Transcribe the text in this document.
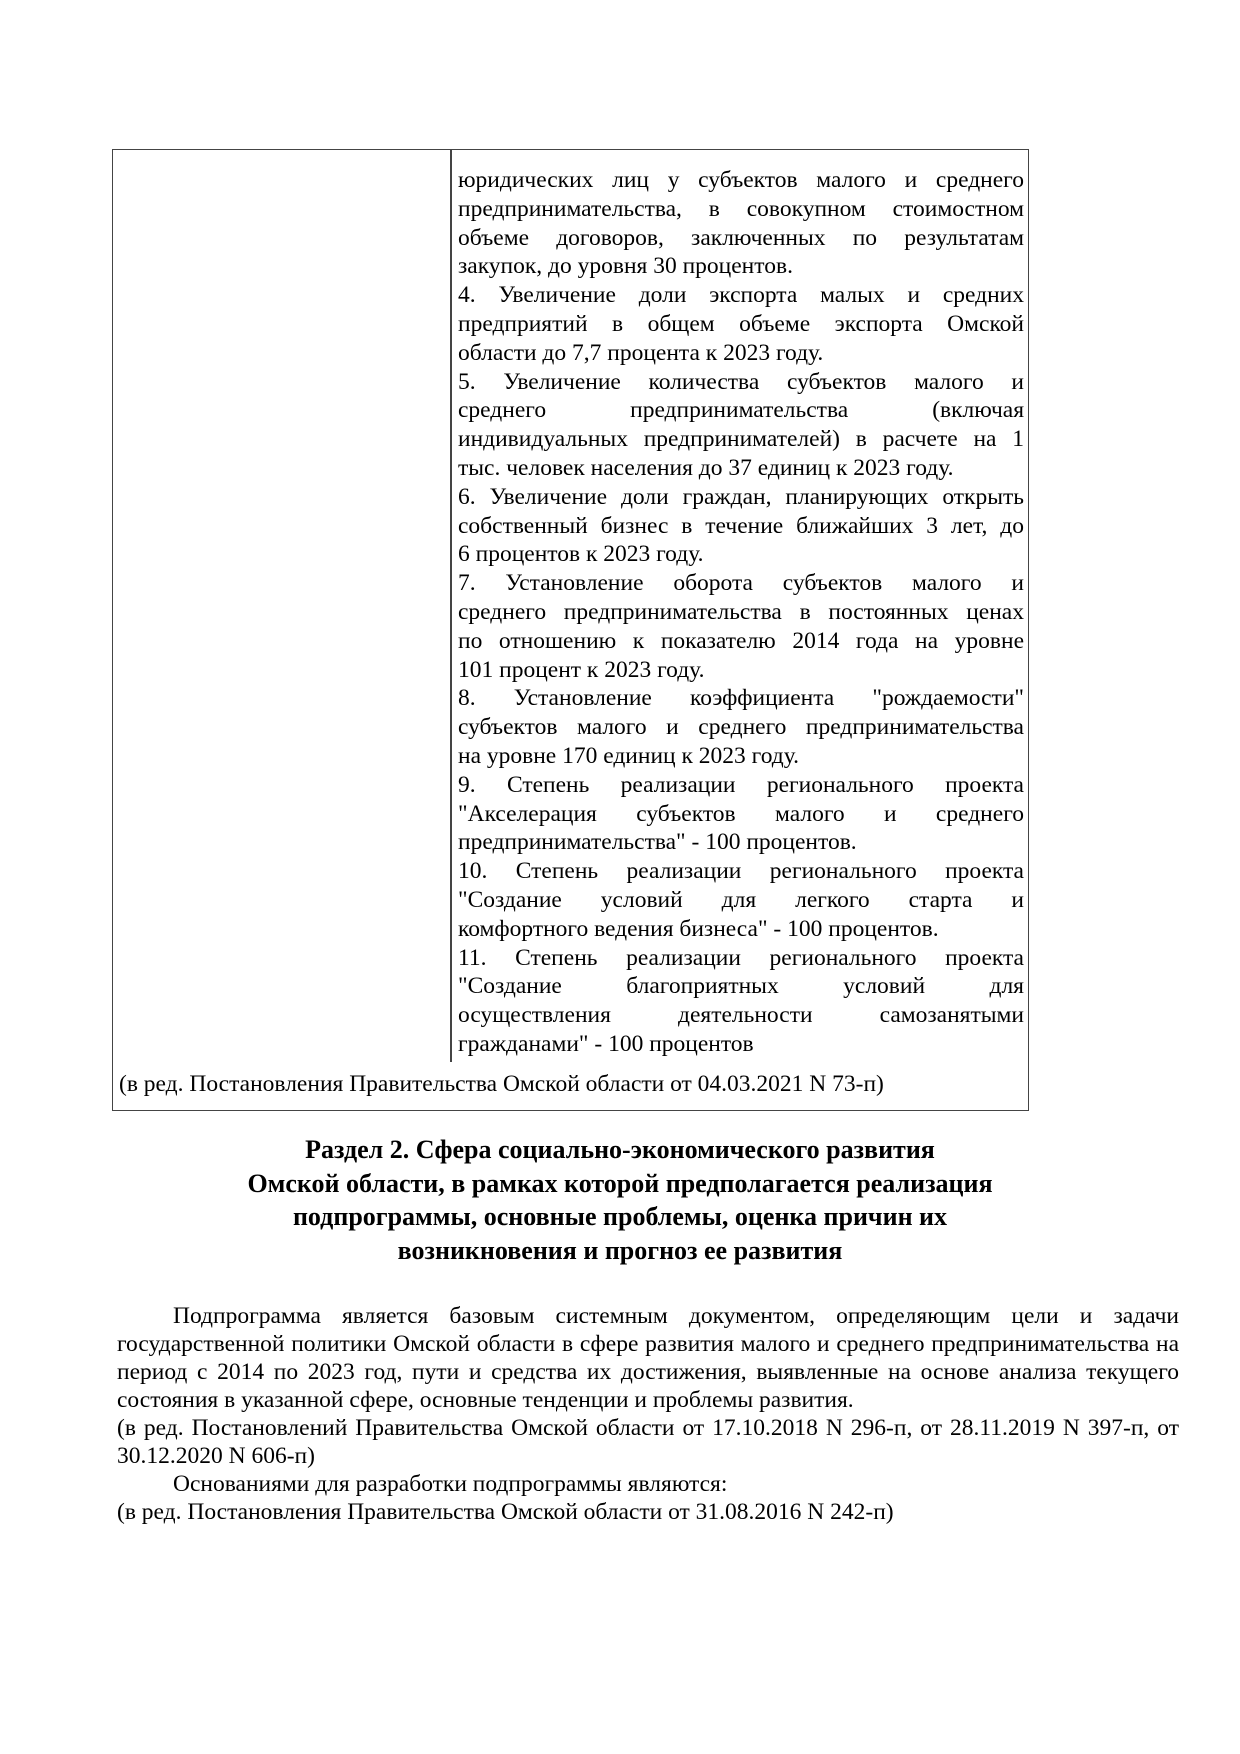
юридических лиц у субъектов малого и среднего

предпринимательства, в совокупном стоимостном

объеме договоров, заключенных по результатам

закупок, до уровня 30 процентов.

4. Увеличение доли экспорта малых и средних

предприятий в общем объеме экспорта Омской

области до 7,7 процента к 2023 году.

5. Увеличение количества субъектов малого и

среднего предпринимательства (включая

индивидуальных предпринимателей) в расчете на 1

тыс. человек населения до 37 единиц к 2023 году.

6. Увеличение доли граждан, планирующих открыть

собственный бизнес в течение ближайших 3 лет, до

6 процентов к 2023 году.

7. Установление оборота субъектов малого и

среднего предпринимательства в постоянных ценах

по отношению к показателю 2014 года на уровне

101 процент к 2023 году.

8. Установление коэффициента "рождаемости"

субъектов малого и среднего предпринимательства

на уровне 170 единиц к 2023 году.

9. Степень реализации регионального проекта

"Акселерация субъектов малого и среднего

предпринимательства" - 100 процентов.

10. Степень реализации регионального проекта

"Создание условий для легкого старта и

комфортного ведения бизнеса" - 100 процентов.

11. Степень реализации регионального проекта

"Создание благоприятных условий для

осуществления деятельности самозанятыми

гражданами" - 100 процентов

(в ред. Постановления Правительства Омской области от 04.03.2021 N 73-п)
Раздел 2. Сфера социально-экономического развития
Омской области, в рамках которой предполагается реализация
подпрограммы, основные проблемы, оценка причин их
возникновения и прогноз ее развития

Подпрограмма является базовым системным документом, определяющим цели и задачи государственной политики Омской области в сфере развития малого и среднего предпринимательства на период с 2014 по 2023 год, пути и средства их достижения, выявленные на основе анализа текущего состояния в указанной сфере, основные тенденции и проблемы развития.

(в ред. Постановлений Правительства Омской области от 17.10.2018 N 296-п, от 28.11.2019 N 397-п, от 30.12.2020 N 606-п)

Основаниями для разработки подпрограммы являются:

(в ред. Постановления Правительства Омской области от 31.08.2016 N 242-п)
